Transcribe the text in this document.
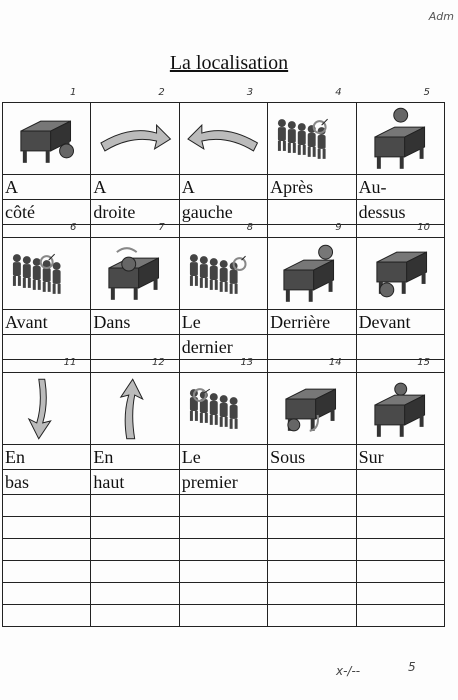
Adm
La localisation
1	2	3	4	5

A	A	A	Après	Au-
côté	droite	gauche		dessus

6	7	8	9	10

Avant	Dans	Le	Derrière	Devant
		dernier		

11	12	13	14	15

En	En	Le	Sous	Sur
bas	haut	premier		

x-/--	5
